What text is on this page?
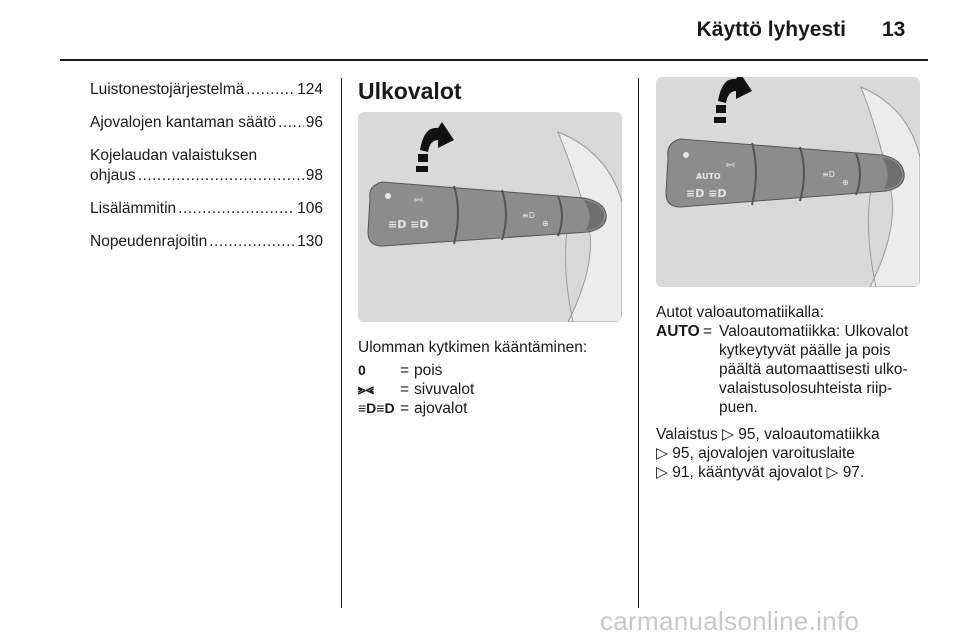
Käyttö lyhyesti 13
Luistonestojärjestelmä .....	124
Ajovalojen kantaman säätö ..... 96
Kojelaudan valaistuksen
ohjaus .....	98
Lisälämmitin .....	106
Nopeudenrajoitin .....	130
Ulkovalot
⪢⪡
≡D ≡D
≡D
⊕
Ulomman kytkimen kääntäminen:
0	= pois
⪢⪡	= sivuvalot
≡D≡D = ajovalot
AUTO
⪢⪡
≡D ≡D
≡D
⊕
Autot valoautomatiikalla:
AUTO = Valoautomatiikka: Ulkovalot
kytkeytyvät päälle ja pois
päältä automaattisesti ulko-
valaistusolosuhteista riip-
puen.
Valaistus ▷ 95, valoautomatiikka
▷ 95, ajovalojen varoituslaite
▷ 91, kääntyvät ajovalot ▷ 97.
carmanualsonline.info
